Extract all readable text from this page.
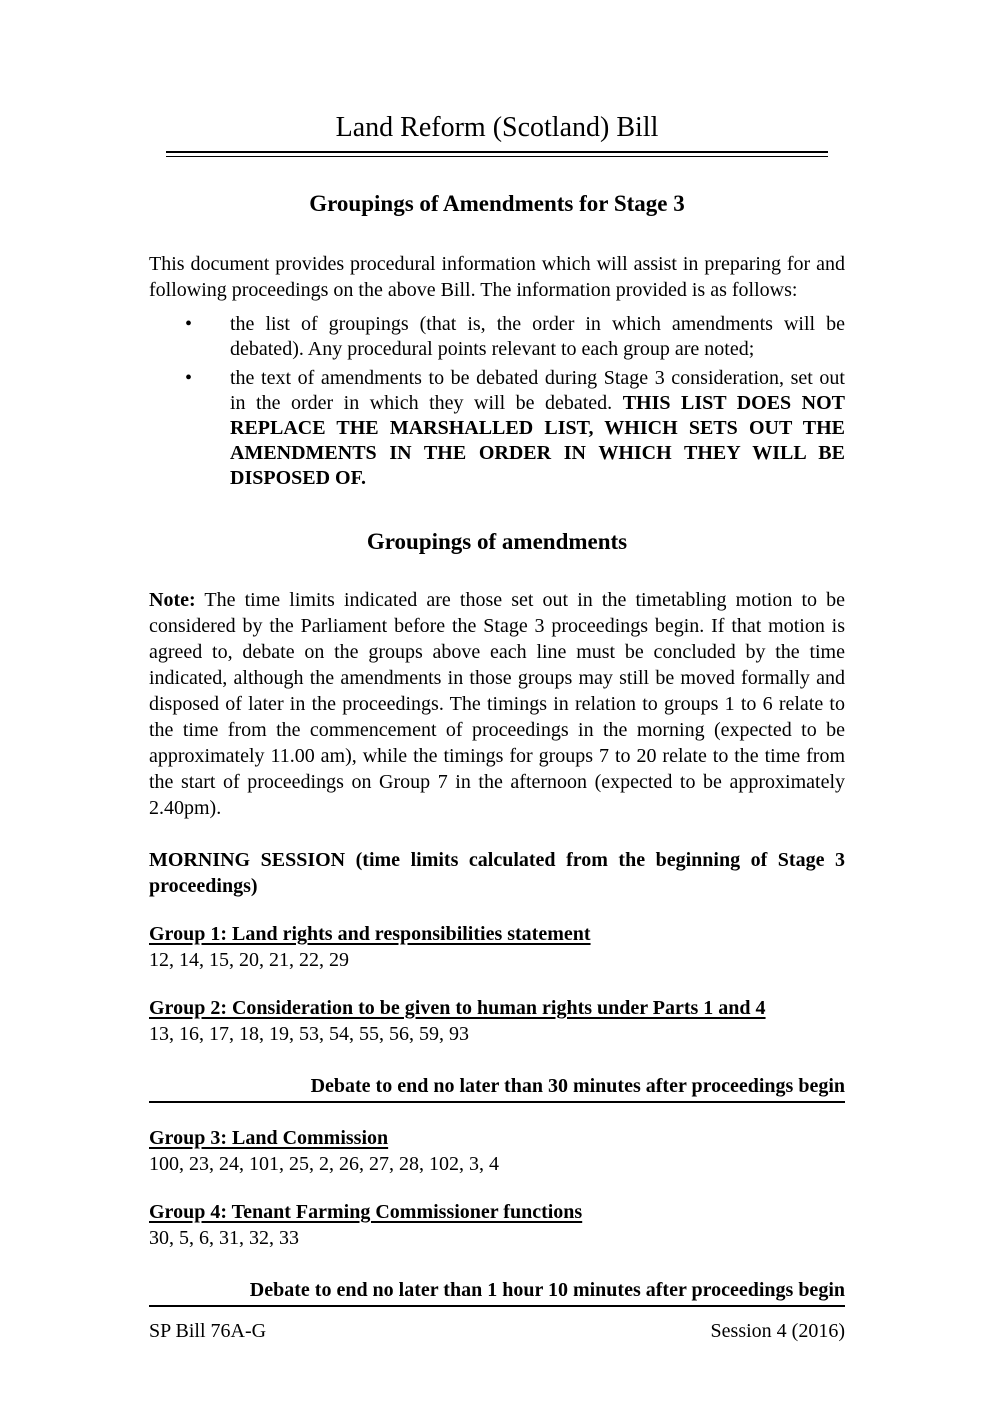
Land Reform (Scotland) Bill
Groupings of Amendments for Stage 3

This document provides procedural information which will assist in preparing for and following proceedings on the above Bill. The information provided is as follows:

•	the list of groupings (that is, the order in which amendments will be debated). Any procedural points relevant to each group are noted;
•	the text of amendments to be debated during Stage 3 consideration, set out in the order in which they will be debated. THIS LIST DOES NOT REPLACE THE MARSHALLED LIST, WHICH SETS OUT THE AMENDMENTS IN THE ORDER IN WHICH THEY WILL BE DISPOSED OF.
Groupings of amendments

Note: The time limits indicated are those set out in the timetabling motion to be considered by the Parliament before the Stage 3 proceedings begin. If that motion is agreed to, debate on the groups above each line must be concluded by the time indicated, although the amendments in those groups may still be moved formally and disposed of later in the proceedings. The timings in relation to groups 1 to 6 relate to the time from the commencement of proceedings in the morning (expected to be approximately 11.00 am), while the timings for groups 7 to 20 relate to the time from the start of proceedings on Group 7 in the afternoon (expected to be approximately 2.40pm).

MORNING SESSION (time limits calculated from the beginning of Stage 3 proceedings)

Group 1: Land rights and responsibilities statement

12, 14, 15, 20, 21, 22, 29

Group 2: Consideration to be given to human rights under Parts 1 and 4

13, 16, 17, 18, 19, 53, 54, 55, 56, 59, 93

Debate to end no later than 30 minutes after proceedings begin
Group 3: Land Commission

100, 23, 24, 101, 25, 2, 26, 27, 28, 102, 3, 4

Group 4: Tenant Farming Commissioner functions

30, 5, 6, 31, 32, 33

Debate to end no later than 1 hour 10 minutes after proceedings begin
SP Bill 76A-G	Session 4 (2016)
